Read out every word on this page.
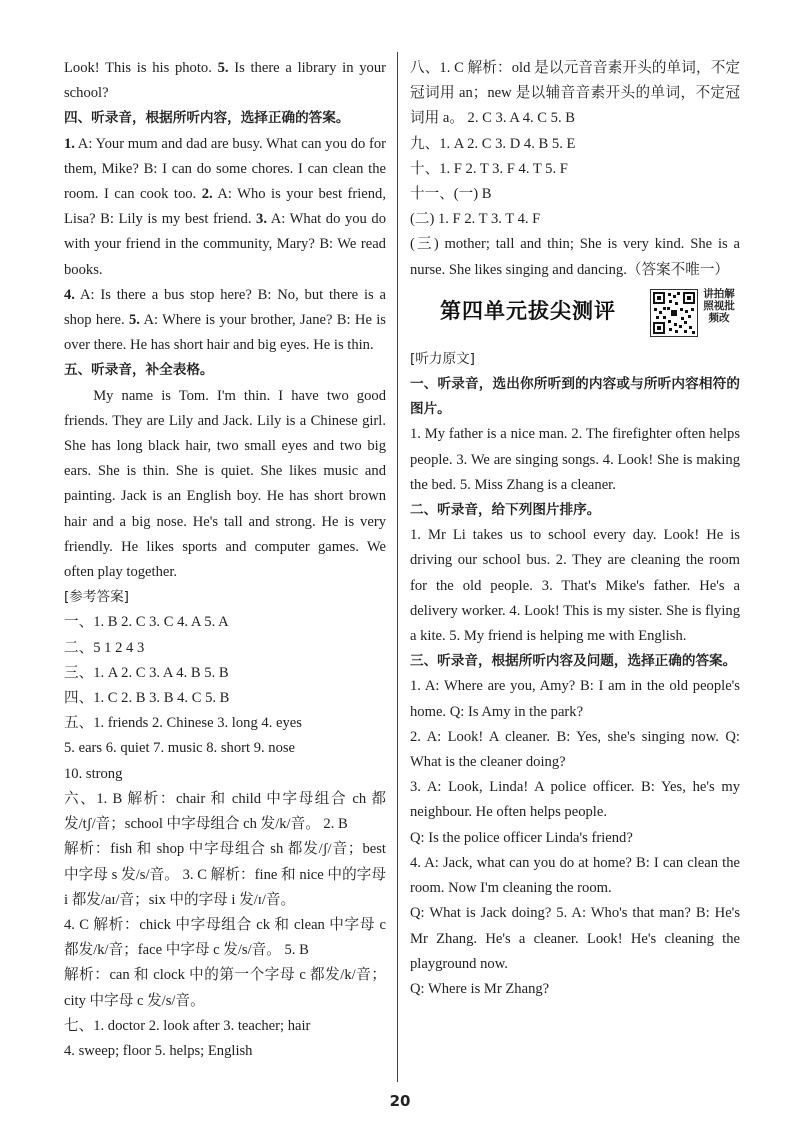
Look! This is his photo. 5. Is there a library in your school?
四、听录音，根据所听内容，选择正确的答案。
1. A: Your mum and dad are busy. What can you do for them, Mike? B: I can do some chores. I can clean the room. I can cook too. 2. A: Who is your best friend, Lisa? B: Lily is my best friend. 3. A: What do you do with your friend in the community, Mary? B: We read books.
4. A: Is there a bus stop here? B: No, but there is a shop here. 5. A: Where is your brother, Jane? B: He is over there. He has short hair and big eyes. He is thin.
五、听录音，补全表格。
My name is Tom. I'm thin. I have two good friends. They are Lily and Jack. Lily is a Chinese girl. She has long black hair, two small eyes and two big ears. She is thin. She is quiet. She likes music and painting. Jack is an English boy. He has short brown hair and a big nose. He's tall and strong. He is very friendly. He likes sports and computer games. We often play together.
[参考答案]
一、1. B 2. C 3. C 4. A 5. A
二、5 1 2 4 3
三、1. A 2. C 3. A 4. B 5. B
四、1. C 2. B 3. B 4. C 5. B
五、1. friends 2. Chinese 3. long 4. eyes
5. ears 6. quiet 7. music 8. short 9. nose
10. strong
六、1. B 解析：chair 和 child 中字母组合 ch 都发/tʃ/音；school 中字母组合 ch 发/k/音。 2. B
解析：fish 和 shop 中字母组合 sh 都发/ʃ/音；best 中字母 s 发/s/音。 3. C 解析：fine 和 nice 中的字母 i 都发/aɪ/音；six 中的字母 i 发/ɪ/音。
4. C 解析：chick 中字母组合 ck 和 clean 中字母 c 都发/k/音；face 中字母 c 发/s/音。 5. B
解析：can 和 clock 中的第一个字母 c 都发/k/音；city 中字母 c 发/s/音。
七、1. doctor 2. look after 3. teacher; hair
4. sweep; floor 5. helps; English
八、1. C 解析：old 是以元音音素开头的单词，不定冠词用 an；new 是以辅音音素开头的单词，不定冠词用 a。 2. C 3. A 4. C 5. B
九、1. A 2. C 3. D 4. B 5. E
十、1. F 2. T 3. F 4. T 5. F
十一、(一) B
(二) 1. F 2. T 3. T 4. F
(三) mother; tall and thin; She is very kind. She is a nurse. She likes singing and dancing.（答案不唯一）
第四单元拔尖测评
讲拍解照视批频改
[听力原文]
一、听录音，选出你所听到的内容或与所听内容相符的图片。
1. My father is a nice man. 2. The firefighter often helps people. 3. We are singing songs. 4. Look! She is making the bed. 5. Miss Zhang is a cleaner.
二、听录音，给下列图片排序。
1. Mr Li takes us to school every day. Look! He is driving our school bus. 2. They are cleaning the room for the old people. 3. That's Mike's father. He's a delivery worker. 4. Look! This is my sister. She is flying a kite. 5. My friend is helping me with English.
三、听录音，根据所听内容及问题，选择正确的答案。
1. A: Where are you, Amy? B: I am in the old people's home. Q: Is Amy in the park?
2. A: Look! A cleaner. B: Yes, she's singing now. Q: What is the cleaner doing?
3. A: Look, Linda! A police officer. B: Yes, he's my neighbour. He often helps people.
Q: Is the police officer Linda's friend?
4. A: Jack, what can you do at home? B: I can clean the room. Now I'm cleaning the room.
Q: What is Jack doing? 5. A: Who's that man? B: He's Mr Zhang. He's a cleaner. Look! He's cleaning the playground now.
Q: Where is Mr Zhang?
20
